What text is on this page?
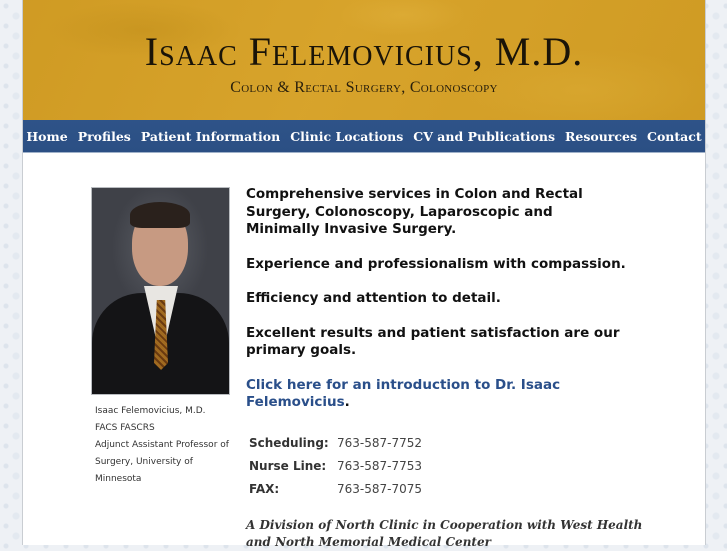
Isaac Felemovicius, M.D.
Colon & Rectal Surgery, Colonoscopy
Home Profiles Patient Information Clinic Locations CV and Publications Resources Contact
Isaac Felemovicius, M.D.
FACS FASCRS
Adjunct Assistant Professor of Surgery, University of Minnesota

Comprehensive services in Colon and Rectal Surgery, Colonoscopy, Laparoscopic and Minimally Invasive Surgery.

Experience and professionalism with compassion.

Efficiency and attention to detail.

Excellent results and patient satisfaction are our primary goals.

Click here for an introduction to Dr. Isaac Felemovicius.

Scheduling:	763-587-7752
Nurse Line:	763-587-7753
FAX:	763-587-7075
A Division of North Clinic in Cooperation with West Health and North Memorial Medical Center
